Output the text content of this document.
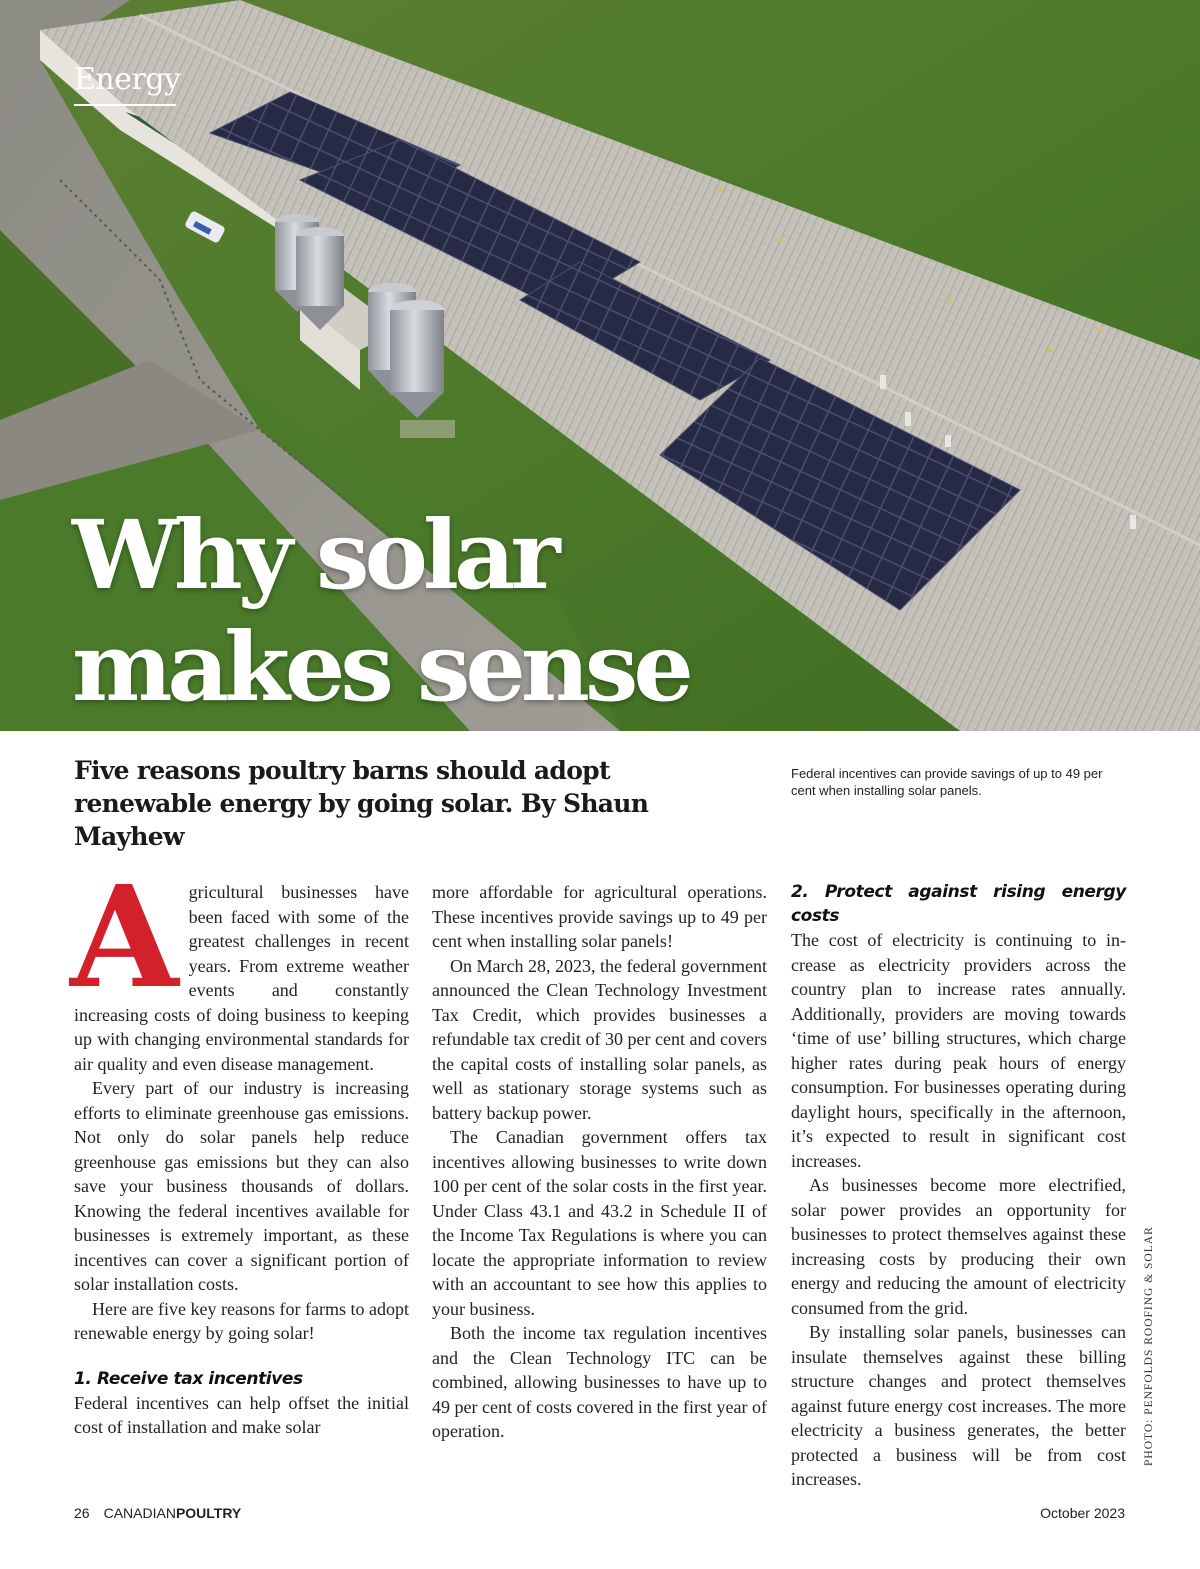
Energy
Why solar
makes sense
Five reasons poultry barns should adopt renewable energy by going solar. By Shaun Mayhew
Federal incentives can provide savings of up to 49 per cent when installing solar panels.
A gricultural businesses have been faced with some of the greatest challenges in recent years. From extreme weather events and constantly increasing costs of doing business to keeping up with changing environmental standards for air quality and even disease management.

Every part of our industry is increasing efforts to eliminate greenhouse gas emissions. Not only do solar panels help reduce greenhouse gas emissions but they can also save your business thousands of dollars. Knowing the federal incentives available for businesses is extremely important, as these incentives can cover a significant portion of solar installation costs.

Here are five key reasons for farms to adopt renewable energy by going solar!

1. Receive tax incentives

Federal incentives can help offset the initial cost of installation and make solar

more affordable for agricultural operations. These incentives provide savings up to 49 per cent when installing solar panels!

On March 28, 2023, the federal government announced the Clean Technology Investment Tax Credit, which provides businesses a refundable tax credit of 30 per cent and covers the capital costs of installing solar panels, as well as stationary storage systems such as battery backup power.

The Canadian government offers tax incentives allowing businesses to write down 100 per cent of the solar costs in the first year. Under Class 43.1 and 43.2 in Schedule II of the Income Tax Regulations is where you can locate the appropriate information to review with an accountant to see how this applies to your business.

Both the income tax regulation incentives and the Clean Technology ITC can be combined, allowing businesses to have up to 49 per cent of costs covered in the first year of operation.

2. Protect against rising energy costs

The cost of electricity is continuing to increase as electricity providers across the country plan to increase rates annually. Additionally, providers are moving towards ‘time of use’ billing structures, which charge higher rates during peak hours of energy consumption. For businesses operating during daylight hours, specifically in the afternoon, it’s expected to result in significant cost increases.

As businesses become more electrified, solar power provides an opportunity for businesses to protect themselves against these increasing costs by producing their own energy and reducing the amount of electricity consumed from the grid.

By installing solar panels, businesses can insulate themselves against these billing structure changes and protect themselves against future energy cost increases. The more electricity a business generates, the better protected a business will be from cost increases.

PHOTO: PENFOLDS ROOFING & SOLAR
26 CANADIANPOULTRY	October 2023
